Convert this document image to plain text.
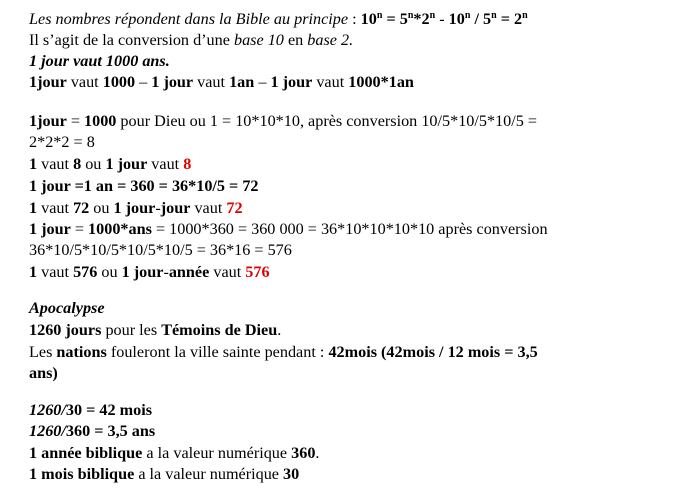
Les nombres répondent dans la Bible au principe : $10^n = 5^n*2^n - 10^n / 5^n = 2^n$
Il s’agit de la conversion d’une base 10 en base 2.
1 jour vaut 1000 ans.
1jour vaut 1000 – 1 jour vaut 1an – 1 jour vaut 1000*1an
1jour = 1000 pour Dieu ou 1 = 10*10*10, après conversion 10/5*10/5*10/5 =
2*2*2 = 8
1 vaut 8 ou 1 jour vaut 8
1 jour =1 an = 360 = 36*10/5 = 72
1 vaut 72 ou 1 jour-jour vaut 72
1 jour = 1000*ans = 1000*360 = 360 000 = 36*10*10*10*10 après conversion
36*10/5*10/5*10/5*10/5 = 36*16 = 576
1 vaut 576 ou 1 jour-année vaut 576
Apocalypse
1260 jours pour les Témoins de Dieu.
Les nations fouleront la ville sainte pendant : 42mois (42mois / 12 mois = 3,5
ans)
1260/30 = 42 mois
1260/360 = 3,5 ans
1 année biblique a la valeur numérique 360.
1 mois biblique a la valeur numérique 30
